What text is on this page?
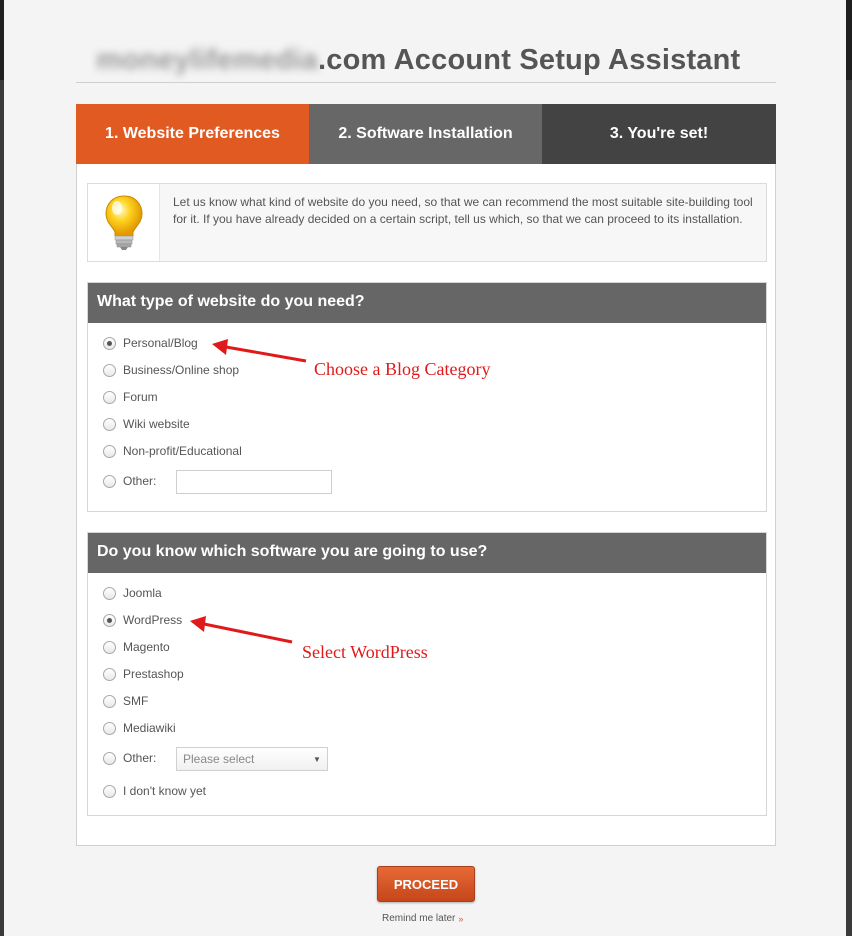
moneylifemedia.com Account Setup Assistant
1. Website Preferences	2. Software Installation	3. You're set!
Let us know what kind of website do you need, so that we can recommend the most suitable site-building tool for it. If you have already decided on a certain script, tell us which, so that we can proceed to its installation.
What type of website do you need?
Personal/Blog
Business/Online shop
Forum
Wiki website
Non-profit/Educational
Other:
Do you know which software you are going to use?
Joomla
WordPress
Magento
Prestashop
SMF
Mediawiki
Other:	Please select	▼
I don't know yet
Choose a Blog Category
Select WordPress
PROCEED
Remind me later »
